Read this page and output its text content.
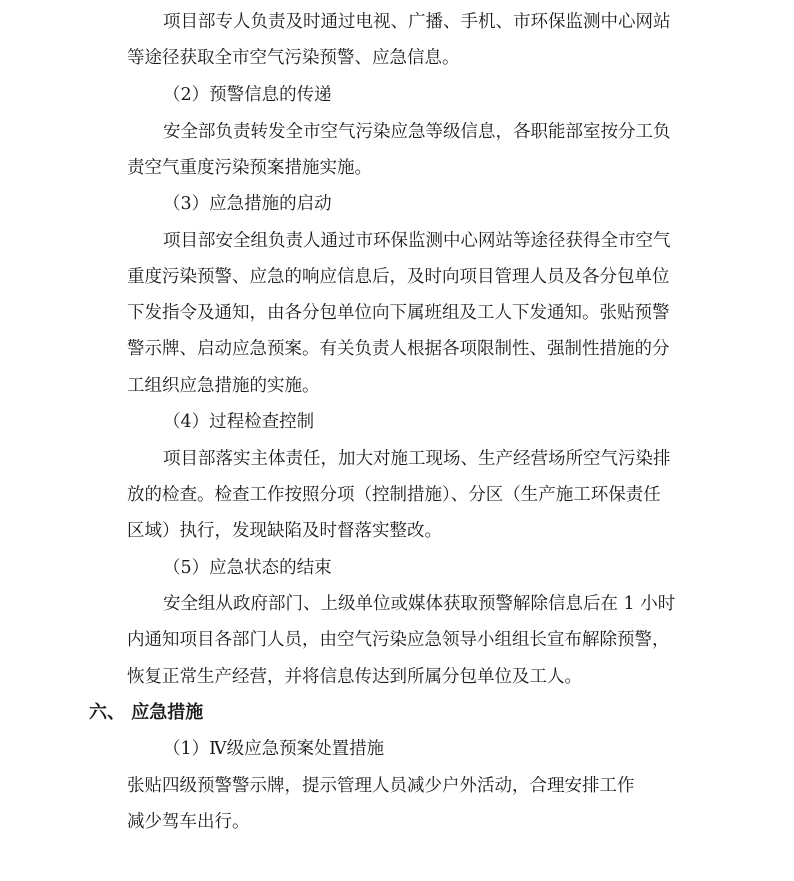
项目部专人负责及时通过电视、广播、手机、市环保监测中心网站
等途径获取全市空气污染预警、应急信息。
（2）预警信息的传递
安全部负责转发全市空气污染应急等级信息，各职能部室按分工负
责空气重度污染预案措施实施。
（3）应急措施的启动
项目部安全组负责人通过市环保监测中心网站等途径获得全市空气
重度污染预警、应急的响应信息后，及时向项目管理人员及各分包单位
下发指令及通知，由各分包单位向下属班组及工人下发通知。张贴预警
警示牌、启动应急预案。有关负责人根据各项限制性、强制性措施的分
工组织应急措施的实施。
（4）过程检查控制
项目部落实主体责任，加大对施工现场、生产经营场所空气污染排
放的检查。检查工作按照分项（控制措施）、分区（生产施工环保责任
区域）执行，发现缺陷及时督落实整改。
（5）应急状态的结束
安全组从政府部门、上级单位或媒体获取预警解除信息后在 1 小时
内通知项目各部门人员，由空气污染应急领导小组组长宣布解除预警，
恢复正常生产经营，并将信息传达到所属分包单位及工人。
六、 应急措施
（1）Ⅳ级应急预案处置措施
张贴四级预警警示牌，提示管理人员减少户外活动，合理安排工作
减少驾车出行。
